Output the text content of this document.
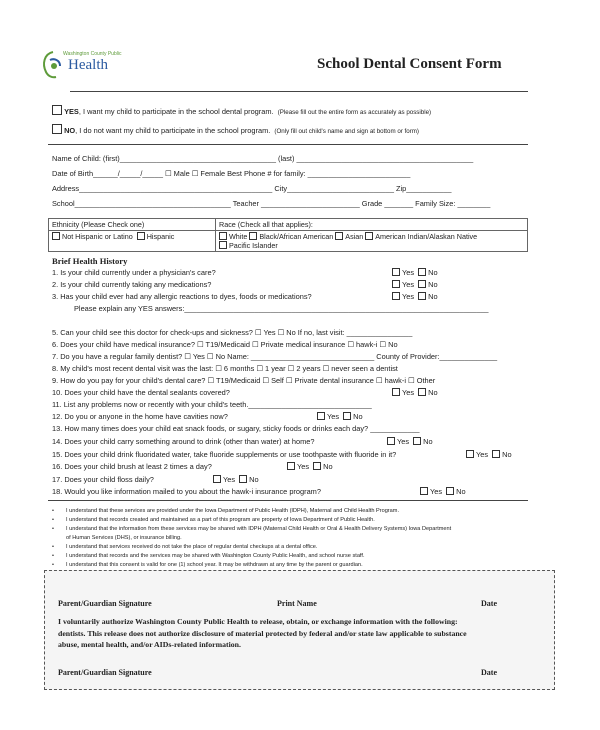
Washington County Public
Health	School Dental Consent Form
YES, I want my child to participate in the school dental program. (Please fill out the entire form as accurately as possible)
NO, I do not want my child to participate in the school program. (Only fill out child's name and sign at bottom or form)
Name of Child: (first)______________________________________ (last) ___________________________________________
Date of Birth______/_____/_____ ☐ Male ☐ Female Best Phone # for family: _________________________
Address_______________________________________________ City__________________________ Zip___________
School______________________________________ Teacher ________________________ Grade _______ Family Size: ________
Ethnicity (Please Check one)	Race (Check all that applies):
Not Hispanic or Latino Hispanic	White Black/African American Asian American Indian/Alaskan Native
Pacific Islander
Brief Health History
1. Is your child currently under a physician's care?	Yes No
2. Is your child currently taking any medications?	Yes No
3. Has your child ever had any allergic reactions to dyes, foods or medications?	Yes No
Please explain any YES answers:__________________________________________________________________________
5. Can your child see this doctor for check-ups and sickness? ☐ Yes ☐ No If no, last visit: ________________
6. Does your child have medical insurance? ☐ T19/Medicaid ☐ Private medical insurance ☐ hawk-i ☐ No
7. Do you have a regular family dentist? ☐ Yes ☐ No Name: ______________________________ County of Provider:______________
8. My child's most recent dental visit was the last: ☐ 6 months ☐ 1 year ☐ 2 years ☐ never seen a dentist
9. How do you pay for your child's dental care? ☐ T19/Medicaid ☐ Self ☐ Private dental insurance ☐ hawk-i ☐ Other
10. Does your child have the dental sealants covered?	Yes No
11. List any problems now or recently with your child's teeth.______________________________
12. Do you or anyone in the home have cavities now?	Yes No
13. How many times does your child eat snack foods, or sugary, sticky foods or drinks each day? ____________
14. Does your child carry something around to drink (other than water) at home?	Yes No
15. Does your child drink fluoridated water, take fluoride supplements or use toothpaste with fluoride in it?	Yes No
16. Does your child brush at least 2 times a day?	Yes No
17. Does your child floss daily?	Yes No
18. Would you like information mailed to you about the hawk-i insurance program?	Yes No
• I understand that these services are provided under the Iowa Department of Public Health (IDPH), Maternal and Child Health Program.
• I understand that records created and maintained as a part of this program are property of Iowa Department of Public Health.
• I understand that the information from these services may be shared with IDPH (Maternal Child Health or Oral & Health Delivery Systems) Iowa Department
of Human Services (DHS), or insurance billing.
• I understand that services received do not take the place of regular dental checkups at a dental office.
• I understand that records and the services may be shared with Washington County Public Health, and school nurse staff.
• I understand that this consent is valid for one (1) school year. It may be withdrawn at any time by the parent or guardian.
Parent/Guardian Signature	Print Name	Date
I voluntarily authorize Washington County Public Health to release, obtain, or exchange information with the following:
dentists. This release does not authorize disclosure of material protected by federal and/or state law applicable to substance
abuse, mental health, and/or AIDs-related information.
Parent/Guardian Signature	Date
